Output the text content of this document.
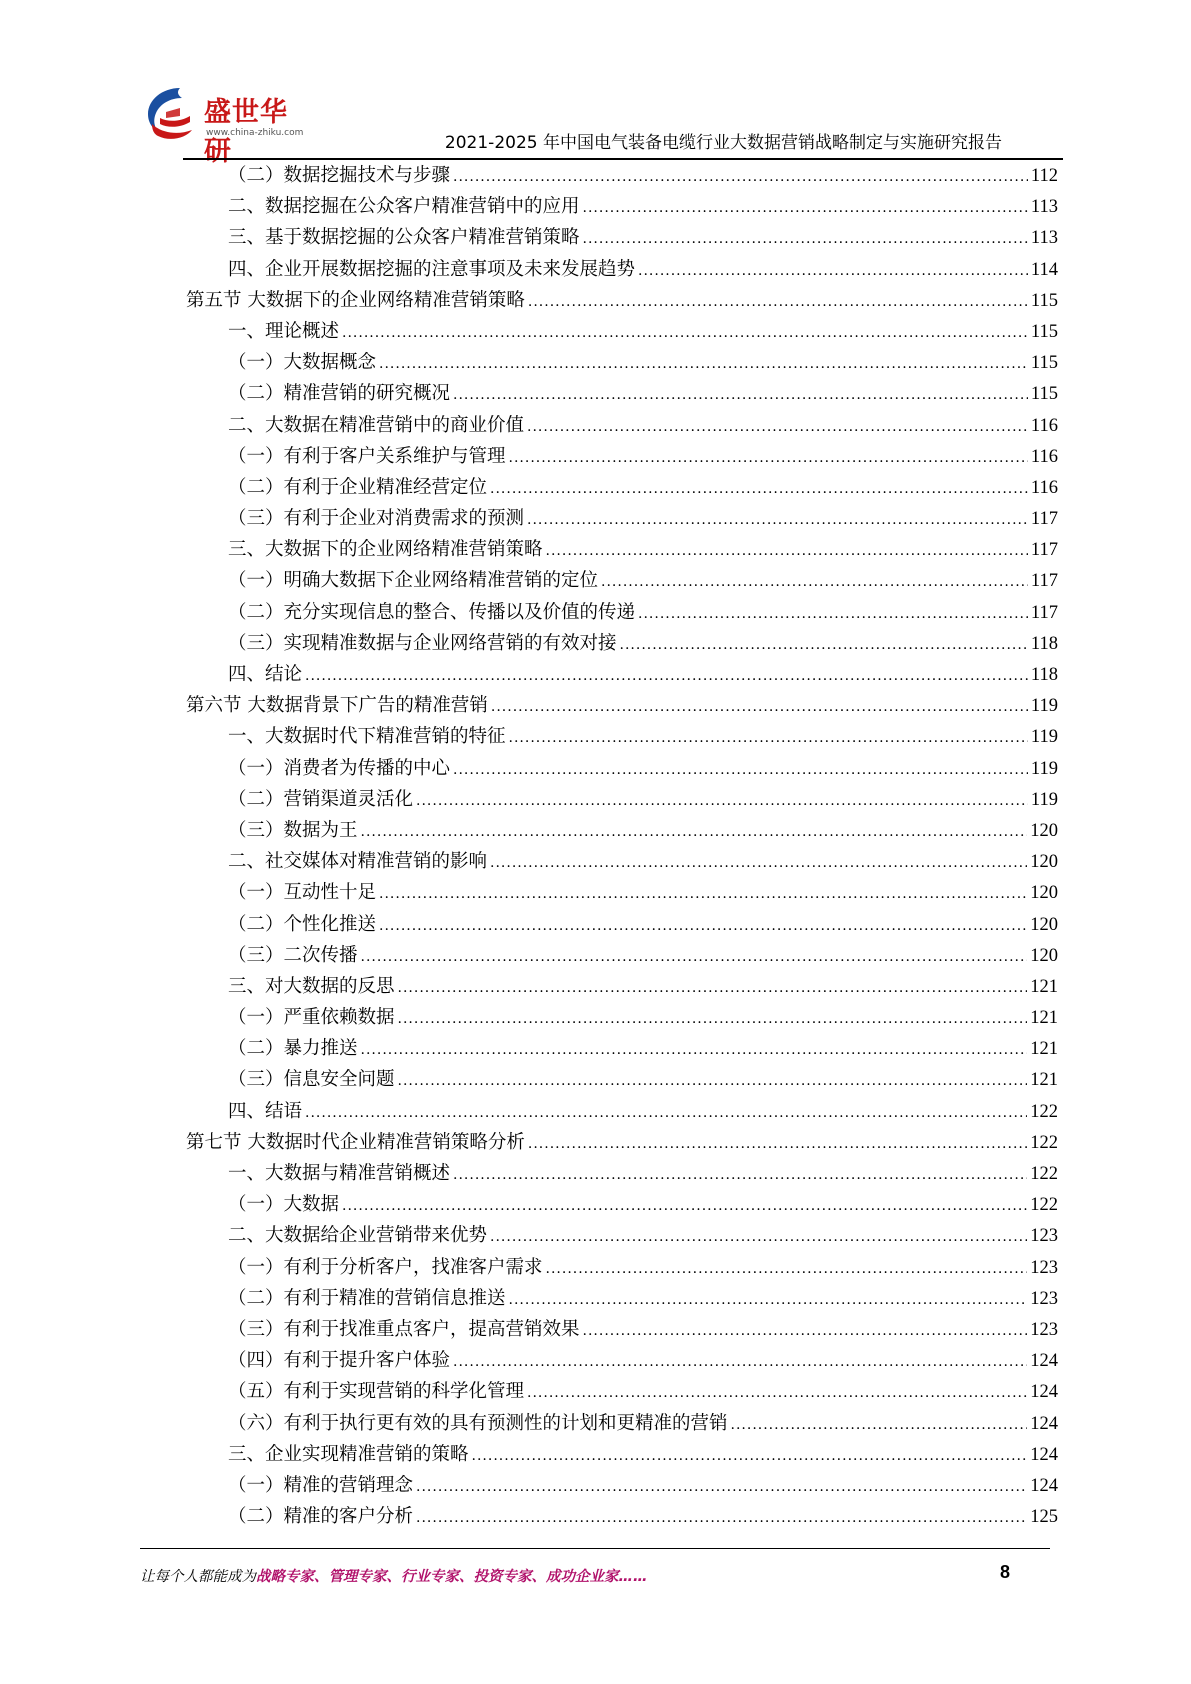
盛世华研
www.china-zhiku.com	2021-2025 年中国电气装备电缆行业大数据营销战略制定与实施研究报告
（二）数据挖掘技术与步骤 .....	112
二、数据挖掘在公众客户精准营销中的应用 .....	113
三、基于数据挖掘的公众客户精准营销策略 .....	113
四、企业开展数据挖掘的注意事项及未来发展趋势 .....	114
第五节 大数据下的企业网络精准营销策略 .....	115
一、理论概述 .....	115
（一）大数据概念 .....	115
（二）精准营销的研究概况 .....	115
二、大数据在精准营销中的商业价值 .....	116
（一）有利于客户关系维护与管理 .....	116
（二）有利于企业精准经营定位 .....	116
（三）有利于企业对消费需求的预测 .....	117
三、大数据下的企业网络精准营销策略 .....	117
（一）明确大数据下企业网络精准营销的定位 .....	117
（二）充分实现信息的整合、传播以及价值的传递 .....	117
（三）实现精准数据与企业网络营销的有效对接 .....	118
四、结论 .....	118
第六节 大数据背景下广告的精准营销 .....	119
一、大数据时代下精准营销的特征 .....	119
（一）消费者为传播的中心 .....	119
（二）营销渠道灵活化 .....	119
（三）数据为王 .....	120
二、社交媒体对精准营销的影响 .....	120
（一）互动性十足 .....	120
（二）个性化推送 .....	120
（三）二次传播 .....	120
三、对大数据的反思 .....	121
（一）严重依赖数据 .....	121
（二）暴力推送 .....	121
（三）信息安全问题 .....	121
四、结语 .....	122
第七节 大数据时代企业精准营销策略分析 .....	122
一、大数据与精准营销概述 .....	122
（一）大数据 .....	122
二、大数据给企业营销带来优势 .....	123
（一）有利于分析客户，找准客户需求 .....	123
（二）有利于精准的营销信息推送 .....	123
（三）有利于找准重点客户，提高营销效果 .....	123
（四）有利于提升客户体验 .....	124
（五）有利于实现营销的科学化管理 .....	124
（六）有利于执行更有效的具有预测性的计划和更精准的营销 .....	124
三、企业实现精准营销的策略 .....	124
（一）精准的营销理念 .....	124
（二）精准的客户分析 .....	125
让每个人都能成为战略专家、管理专家、行业专家、投资专家、成功企业家……	8
